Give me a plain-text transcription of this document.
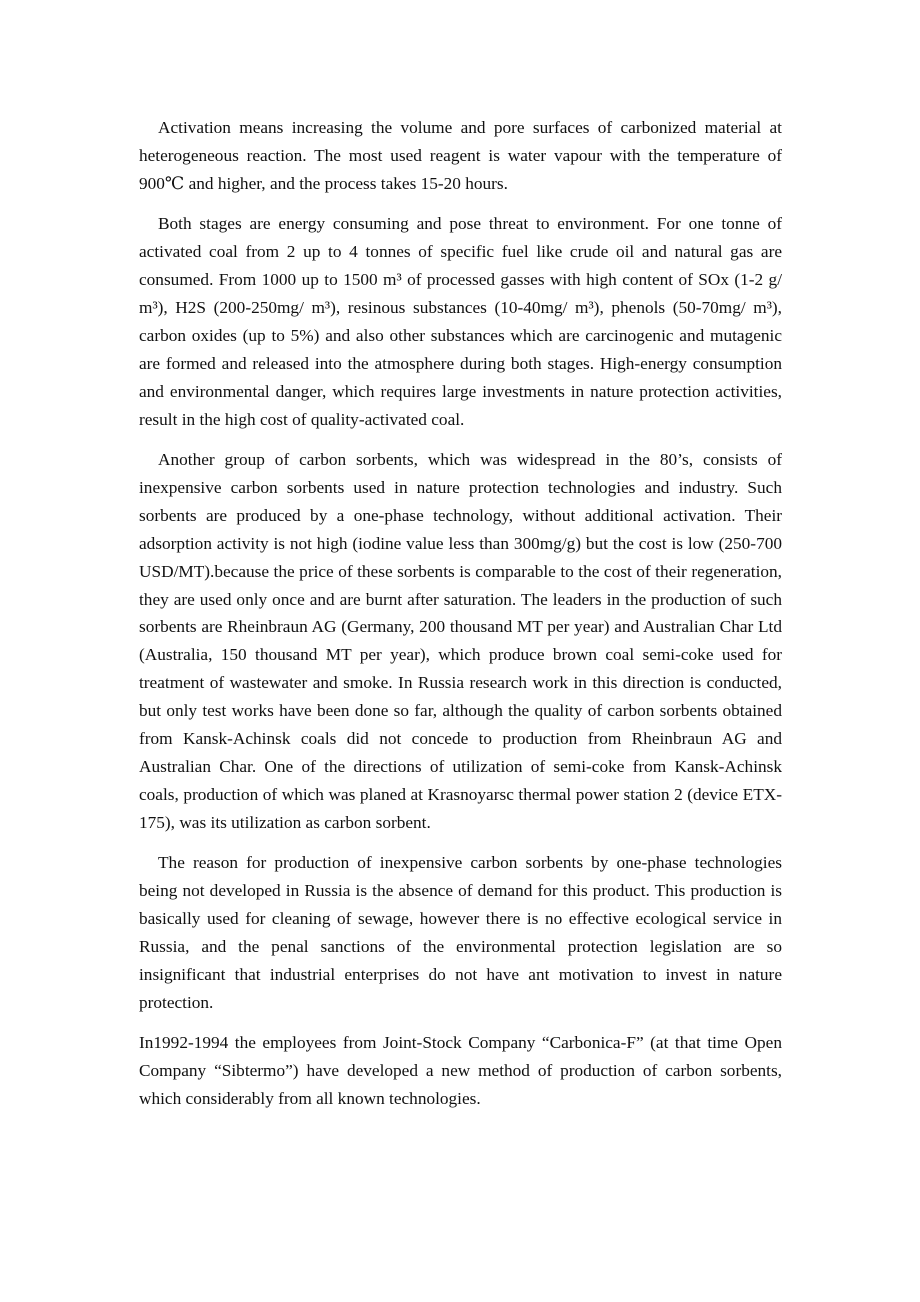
Activation means increasing the volume and pore surfaces of carbonized material at heterogeneous reaction. The most used reagent is water vapour with the temperature of 900℃ and higher, and the process takes 15-20 hours.

Both stages are energy consuming and pose threat to environment. For one tonne of activated coal from 2 up to 4 tonnes of specific fuel like crude oil and natural gas are consumed. From 1000 up to 1500 m³ of processed gasses with high content of SOx (1-2 g/ m³), H2S (200-250mg/ m³), resinous substances (10-40mg/ m³), phenols (50-70mg/ m³), carbon oxides (up to 5%) and also other substances which are carcinogenic and mutagenic are formed and released into the atmosphere during both stages. High-energy consumption and environmental danger, which requires large investments in nature protection activities, result in the high cost of quality-activated coal.

Another group of carbon sorbents, which was widespread in the 80’s, consists of inexpensive carbon sorbents used in nature protection technologies and industry. Such sorbents are produced by a one-phase technology, without additional activation. Their adsorption activity is not high (iodine value less than 300mg/g) but the cost is low (250-700 USD/MT).because the price of these sorbents is comparable to the cost of their regeneration, they are used only once and are burnt after saturation. The leaders in the production of such sorbents are Rheinbraun AG (Germany, 200 thousand MT per year) and Australian Char Ltd (Australia, 150 thousand MT per year), which produce brown coal semi-coke used for treatment of wastewater and smoke. In Russia research work in this direction is conducted, but only test works have been done so far, although the quality of carbon sorbents obtained from Kansk-Achinsk coals did not concede to production from Rheinbraun AG and Australian Char. One of the directions of utilization of semi-coke from Kansk-Achinsk coals, production of which was planed at Krasnoyarsc thermal power station 2 (device ETX-175), was its utilization as carbon sorbent.

The reason for production of inexpensive carbon sorbents by one-phase technologies being not developed in Russia is the absence of demand for this product. This production is basically used for cleaning of sewage, however there is no effective ecological service in Russia, and the penal sanctions of the environmental protection legislation are so insignificant that industrial enterprises do not have ant motivation to invest in nature protection.

In1992-1994 the employees from Joint-Stock Company “Carbonica-F” (at that time Open Company “Sibtermo”) have developed a new method of production of carbon sorbents, which considerably from all known technologies.
